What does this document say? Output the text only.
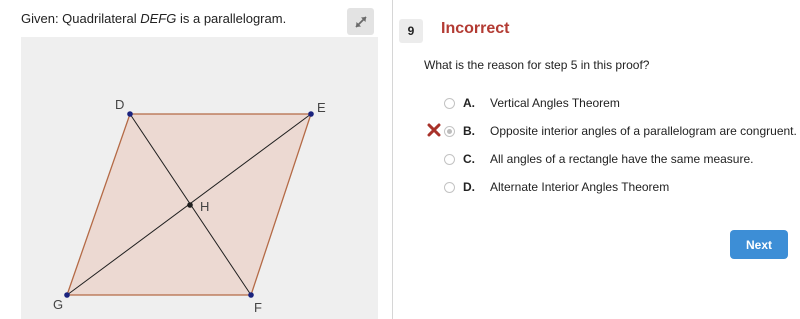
Given: Quadrilateral DEFG is a parallelogram.
D	E
F
G
H
9	Incorrect
What is the reason for step 5 in this proof?
A. Vertical Angles Theorem
B. Opposite interior angles of a parallelogram are congruent.
C. All angles of a rectangle have the same measure.
D. Alternate Interior Angles Theorem
Next
